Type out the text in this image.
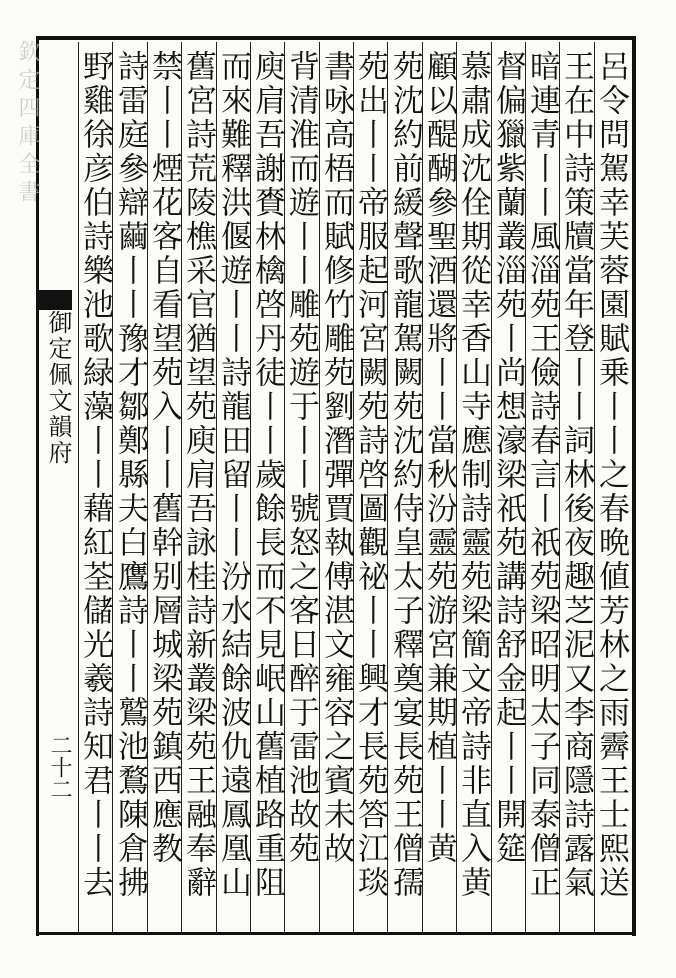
欽定四庫全書
御定佩文韻府
二十二	呂令問駕幸芙蓉園賦乗丨丨之春晩値芳林之雨霽王士熙送
王在中詩策牘當年登丨丨詞林後夜趣芝泥又李商隱詩露氣
暗連青丨丨風淄苑王儉詩春言丨祇苑梁昭明太子同泰僧正
督偏獵紫蘭叢淄苑丨尚想濠梁祇苑講詩舒金起丨丨開筵
慕肅成沈佺期從幸香山寺應制詩靈苑梁簡文帝詩非直入黄
顧以醍醐參聖酒還將丨丨當秋汾靈苑游宮兼期植丨丨黄
苑沈約前緩聲歌龍駕闕苑沈約侍皇太子釋奠宴長苑王僧孺
苑出丨丨帝服起河宮闕苑詩啓圖觀祕丨丨興才長苑答江琰
書咏高梧而賦修竹雕苑劉潛彈賈執傅湛文雍容之賓未故
背清淮而遊丨丨雕苑遊于丨丨號怒之客日醉于雷池故苑
庾肩吾謝賚林檎啓丹徒丨丨歲餘長而不見岷山舊植路重阻
而來難釋洪偃遊丨丨詩龍田留丨丨汾水結餘波仇遠鳳凰山
舊宮詩荒陵樵采官猶望苑庾肩吾詠桂詩新叢梁苑王融奉辭
禁丨丨煙花客自看望苑入丨丨舊幹别層城梁苑鎮西應教
詩雷庭參辯繭丨丨豫才鄒鄭縣夫白鷹詩丨丨鷲池鶩陳倉拂
野雞徐彦伯詩樂池歌緑藻丨丨藉紅荃儲光羲詩知君丨丨去
